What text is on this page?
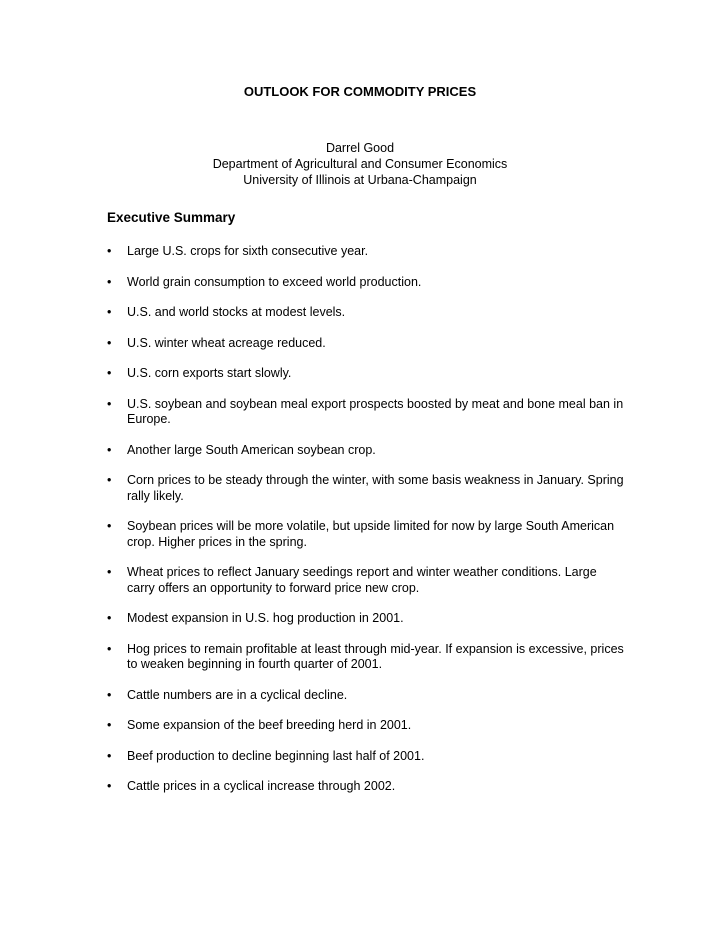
OUTLOOK FOR COMMODITY PRICES
Darrel Good
Department of Agricultural and Consumer Economics
University of Illinois at Urbana-Champaign
Executive Summary
•	Large U.S. crops for sixth consecutive year.
•	World grain consumption to exceed world production.
•	U.S. and world stocks at modest levels.
•	U.S. winter wheat acreage reduced.
•	U.S. corn exports start slowly.
•	U.S. soybean and soybean meal export prospects boosted by meat and bone meal ban in Europe.
•	Another large South American soybean crop.
•	Corn prices to be steady through the winter, with some basis weakness in January. Spring rally likely.
•	Soybean prices will be more volatile, but upside limited for now by large South American crop. Higher prices in the spring.
•	Wheat prices to reflect January seedings report and winter weather conditions. Large carry offers an opportunity to forward price new crop.
•	Modest expansion in U.S. hog production in 2001.
•	Hog prices to remain profitable at least through mid-year. If expansion is excessive, prices to weaken beginning in fourth quarter of 2001.
•	Cattle numbers are in a cyclical decline.
•	Some expansion of the beef breeding herd in 2001.
•	Beef production to decline beginning last half of 2001.
•	Cattle prices in a cyclical increase through 2002.
